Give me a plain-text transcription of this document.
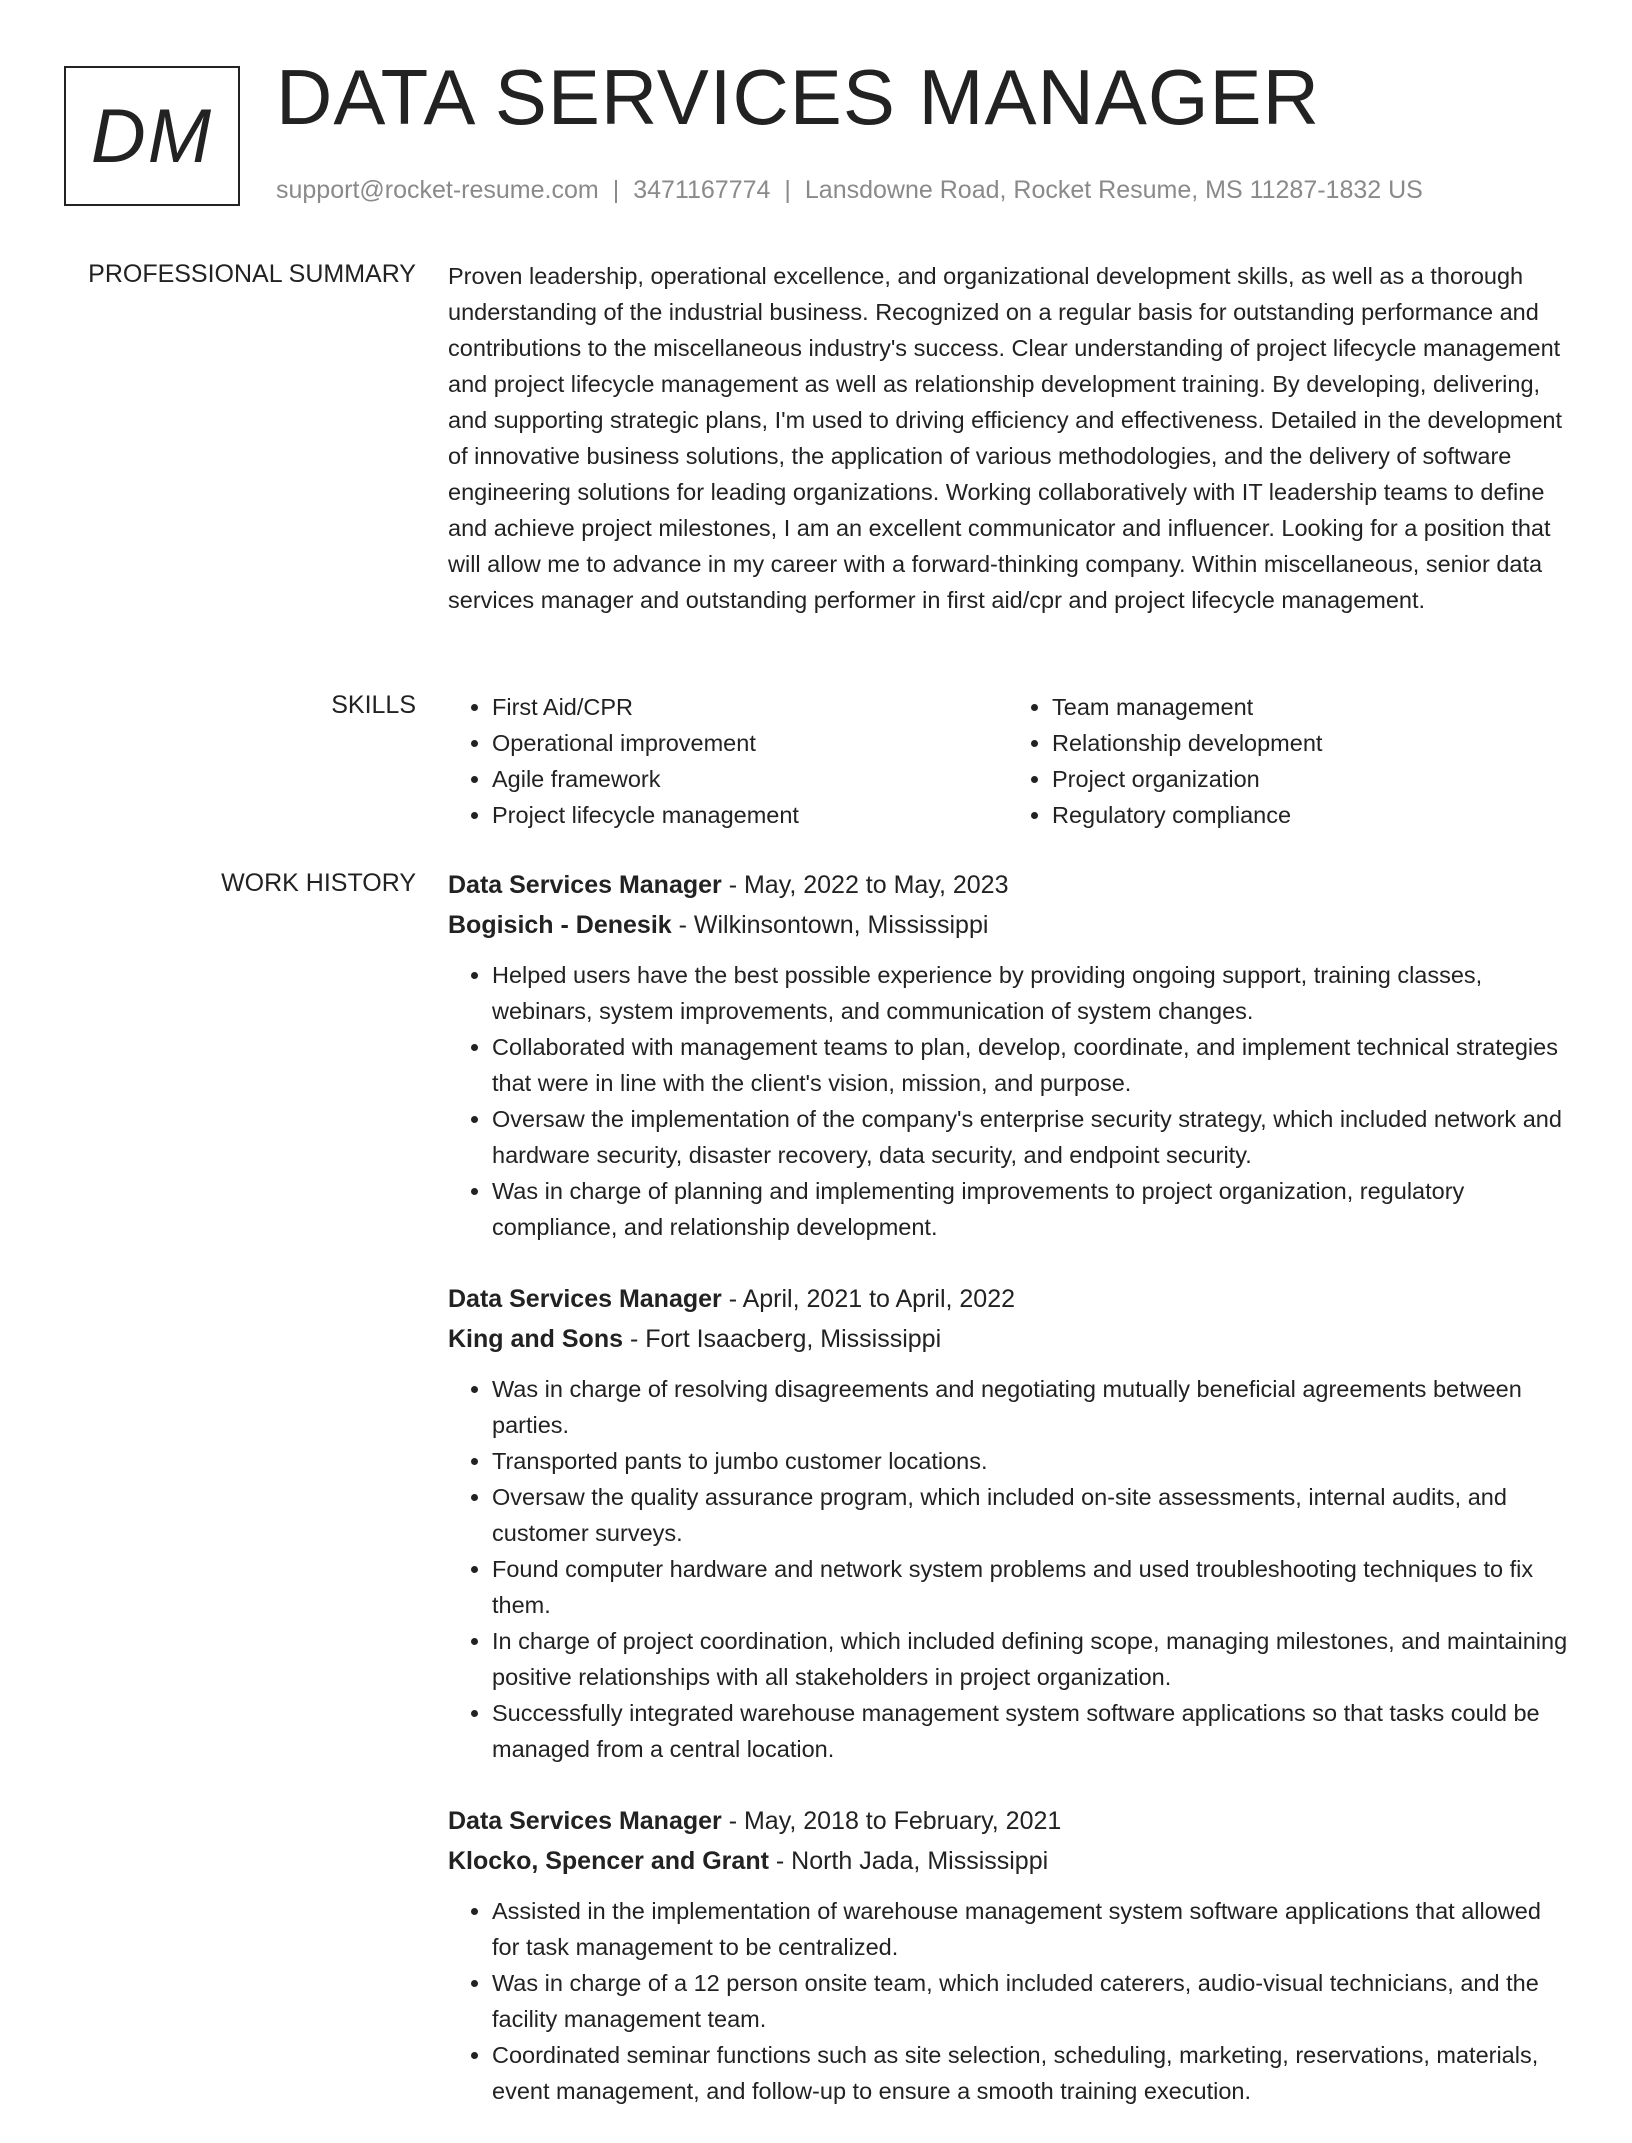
DM DATA SERVICES MANAGER
support@rocket-resume.com | 3471167774 | Lansdowne Road, Rocket Resume, MS 11287-1832 US
PROFESSIONAL SUMMARY Proven leadership, operational excellence, and organizational development skills, as well as a thorough understanding of the industrial business. Recognized on a regular basis for outstanding performance and contributions to the miscellaneous industry's success. Clear understanding of project lifecycle management and project lifecycle management as well as relationship development training. By developing, delivering, and supporting strategic plans, I'm used to driving efficiency and effectiveness. Detailed in the development of innovative business solutions, the application of various methodologies, and the delivery of software engineering solutions for leading organizations. Working collaboratively with IT leadership teams to define and achieve project milestones, I am an excellent communicator and influencer. Looking for a position that will allow me to advance in my career with a forward-thinking company. Within miscellaneous, senior data services manager and outstanding performer in first aid/cpr and project lifecycle management.

SKILLS
•	First Aid/CPR
• Operational improvement
• Agile framework
• Project lifecycle management
• Team management
• Relationship development
• Project organization
• Regulatory compliance
WORK HISTORY Data Services Manager - May, 2022 to May, 2023
Bogisich - Denesik - Wilkinsontown, Mississippi
• Helped users have the best possible experience by providing ongoing support, training classes, webinars, system improvements, and communication of system changes.
• Collaborated with management teams to plan, develop, coordinate, and implement technical strategies that were in line with the client's vision, mission, and purpose.
• Oversaw the implementation of the company's enterprise security strategy, which included network and hardware security, disaster recovery, data security, and endpoint security.
• Was in charge of planning and implementing improvements to project organization, regulatory compliance, and relationship development.
Data Services Manager - April, 2021 to April, 2022
King and Sons - Fort Isaacberg, Mississippi
• Was in charge of resolving disagreements and negotiating mutually beneficial agreements between parties.
• Transported pants to jumbo customer locations.
• Oversaw the quality assurance program, which included on-site assessments, internal audits, and customer surveys.
• Found computer hardware and network system problems and used troubleshooting techniques to fix them.
• In charge of project coordination, which included defining scope, managing milestones, and maintaining positive relationships with all stakeholders in project organization.
• Successfully integrated warehouse management system software applications so that tasks could be managed from a central location.
Data Services Manager - May, 2018 to February, 2021
Klocko, Spencer and Grant - North Jada, Mississippi
• Assisted in the implementation of warehouse management system software applications that allowed for task management to be centralized.
• Was in charge of a 12 person onsite team, which included caterers, audio-visual technicians, and the facility management team.
• Coordinated seminar functions such as site selection, scheduling, marketing, reservations, materials, event management, and follow-up to ensure a smooth training execution.
